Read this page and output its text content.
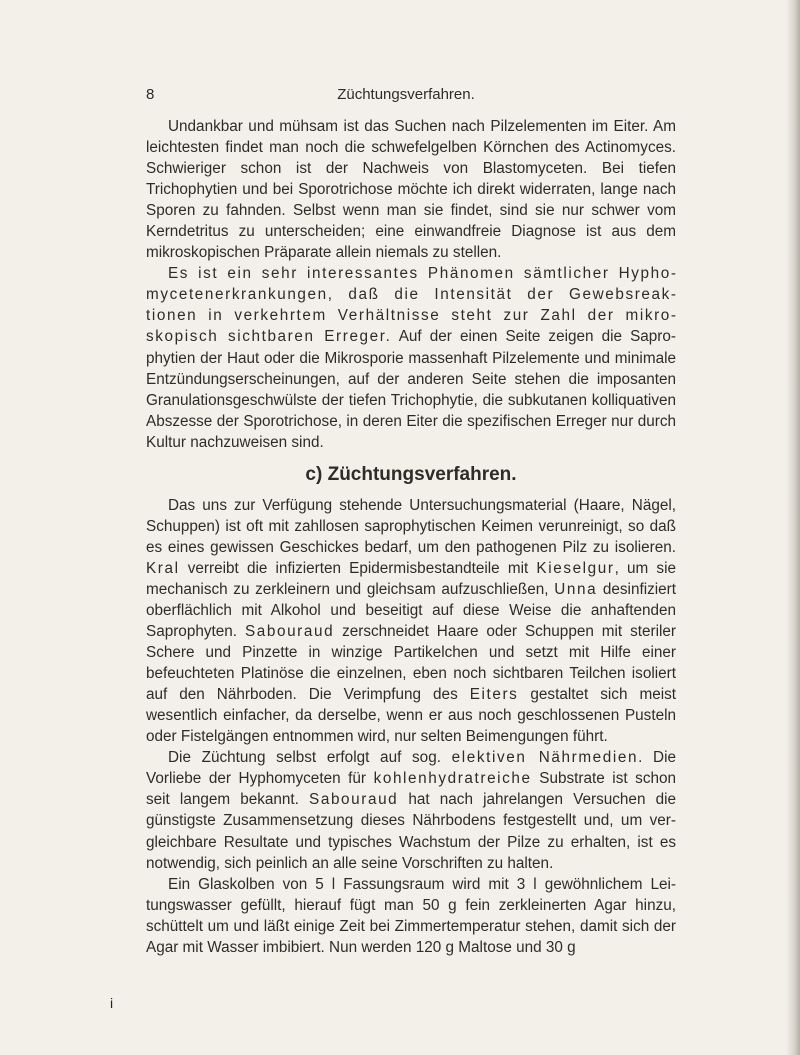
8	Züchtungsverfahren.

Undankbar und mühsam ist das Suchen nach Pilzelementen im Eiter. Am leichtesten findet man noch die schwefelgelben Körnchen des Actinomyces. Schwieriger schon ist der Nachweis von Blastomyceten. Bei tiefen Trichophytien und bei Sporotrichose möchte ich direkt widerraten, lange nach Sporen zu fahnden. Selbst wenn man sie findet, sind sie nur schwer vom Kerndetritus zu unterscheiden; eine einwandfreie Diagnose ist aus dem mikroskopischen Präparate allein niemals zu stellen.

Es ist ein sehr interessantes Phänomen sämtlicher Hyphomycetenerkrankungen, daß die Intensität der Gewebsreaktionen in verkehrtem Verhältnisse steht zur Zahl der mikroskopisch sichtbaren Erreger. Auf der einen Seite zeigen die Saprophytien der Haut oder die Mikrosporie massenhaft Pilzelemente und minimale Entzündungserscheinungen, auf der anderen Seite stehen die imposanten Granulationsgeschwülste der tiefen Trichophytie, die subkutanen kolliquativen Abszesse der Sporotrichose, in deren Eiter die spezifischen Erreger nur durch Kultur nachzuweisen sind.

c) Züchtungsverfahren.

Das uns zur Verfügung stehende Untersuchungsmaterial (Haare, Nägel, Schuppen) ist oft mit zahllosen saprophytischen Keimen verunreinigt, so daß es eines gewissen Geschickes bedarf, um den pathogenen Pilz zu isolieren. Kral verreibt die infizierten Epidermisbestandteile mit Kieselgur, um sie mechanisch zu zerkleinern und gleichsam aufzuschließen, Unna desinfiziert oberflächlich mit Alkohol und beseitigt auf diese Weise die anhaftenden Saprophyten. Sabouraud zerschneidet Haare oder Schuppen mit steriler Schere und Pinzette in winzige Partikelchen und setzt mit Hilfe einer befeuchteten Platinöse die einzelnen, eben noch sichtbaren Teilchen isoliert auf den Nährboden. Die Verimpfung des Eiters gestaltet sich meist wesentlich einfacher, da derselbe, wenn er aus noch geschlossenen Pusteln oder Fistelgängen entnommen wird, nur selten Beimengungen führt.

Die Züchtung selbst erfolgt auf sog. elektiven Nährmedien. Die Vorliebe der Hyphomyceten für kohlenhydratreiche Substrate ist schon seit langem bekannt. Sabouraud hat nach jahrelangen Versuchen die günstigste Zusammensetzung dieses Nährbodens festgestellt und, um vergleichbare Resultate und typisches Wachstum der Pilze zu erhalten, ist es notwendig, sich peinlich an alle seine Vorschriften zu halten.

Ein Glaskolben von 5 l Fassungsraum wird mit 3 l gewöhnlichem Leitungswasser gefüllt, hierauf fügt man 50 g fein zerkleinerten Agar hinzu, schüttelt um und läßt einige Zeit bei Zimmertemperatur stehen, damit sich der Agar mit Wasser imbibiert. Nun werden 120 g Maltose und 30 g

i
